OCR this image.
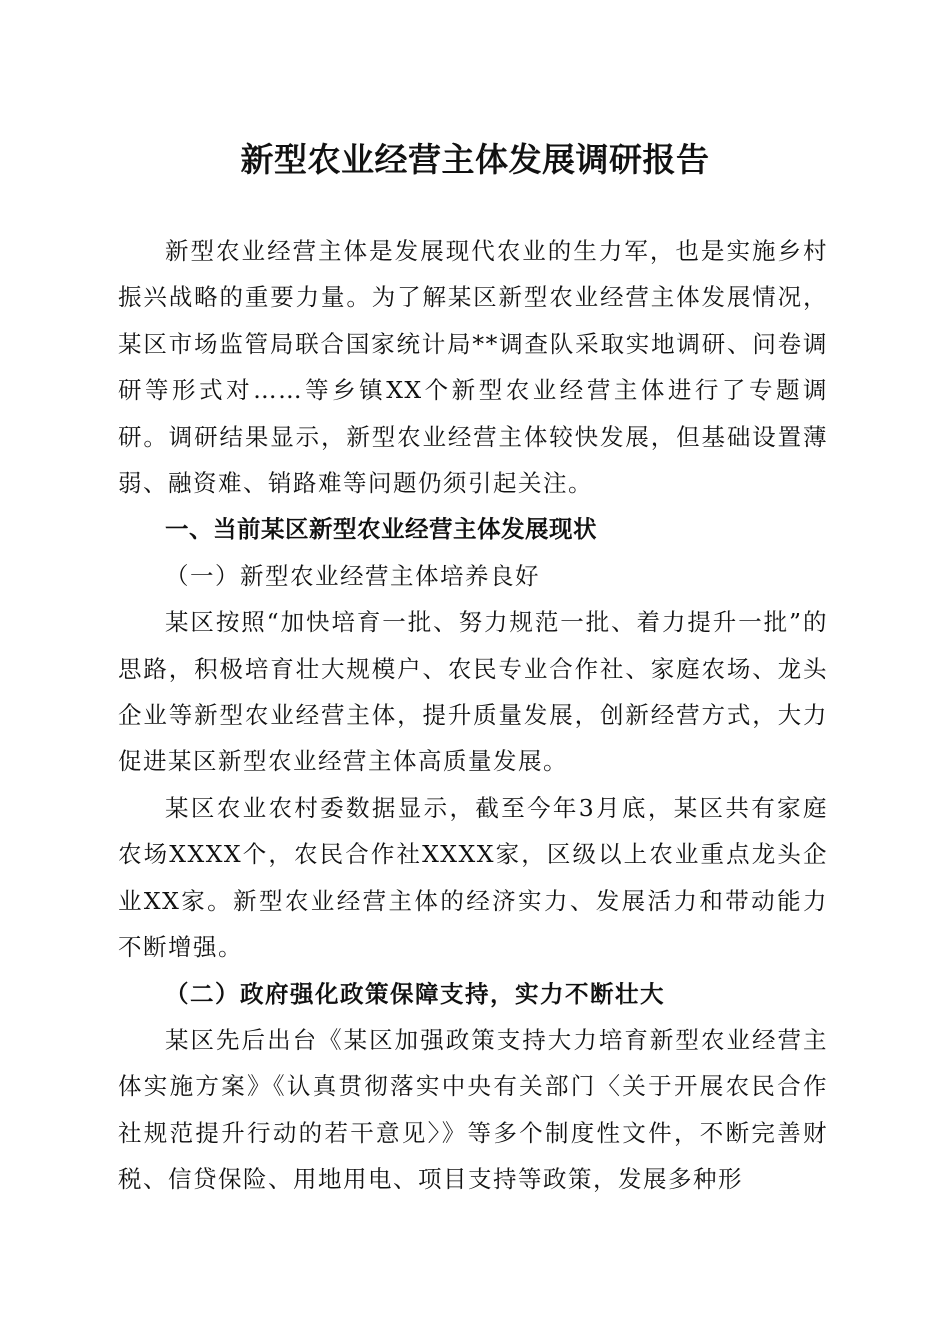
新型农业经营主体发展调研报告

新型农业经营主体是发展现代农业的生力军，也是实施乡村振兴战略的重要力量。为了解某区新型农业经营主体发展情况，某区市场监管局联合国家统计局**调查队采取实地调研、问卷调研等形式对……等乡镇XX个新型农业经营主体进行了专题调研。调研结果显示，新型农业经营主体较快发展，但基础设置薄弱、融资难、销路难等问题仍须引起关注。

一、当前某区新型农业经营主体发展现状

（一）新型农业经营主体培养良好

某区按照“加快培育一批、努力规范一批、着力提升一批”的思路，积极培育壮大规模户、农民专业合作社、家庭农场、龙头企业等新型农业经营主体，提升质量发展，创新经营方式，大力促进某区新型农业经营主体高质量发展。

某区农业农村委数据显示，截至今年3月底，某区共有家庭农场XXXX个，农民合作社XXXX家，区级以上农业重点龙头企业XX家。新型农业经营主体的经济实力、发展活力和带动能力不断增强。

（二）政府强化政策保障支持，实力不断壮大

某区先后出台《某区加强政策支持大力培育新型农业经营主体实施方案》《认真贯彻落实中央有关部门〈关于开展农民合作社规范提升行动的若干意见〉》等多个制度性文件，不断完善财税、信贷保险、用地用电、项目支持等政策，发展多种形
